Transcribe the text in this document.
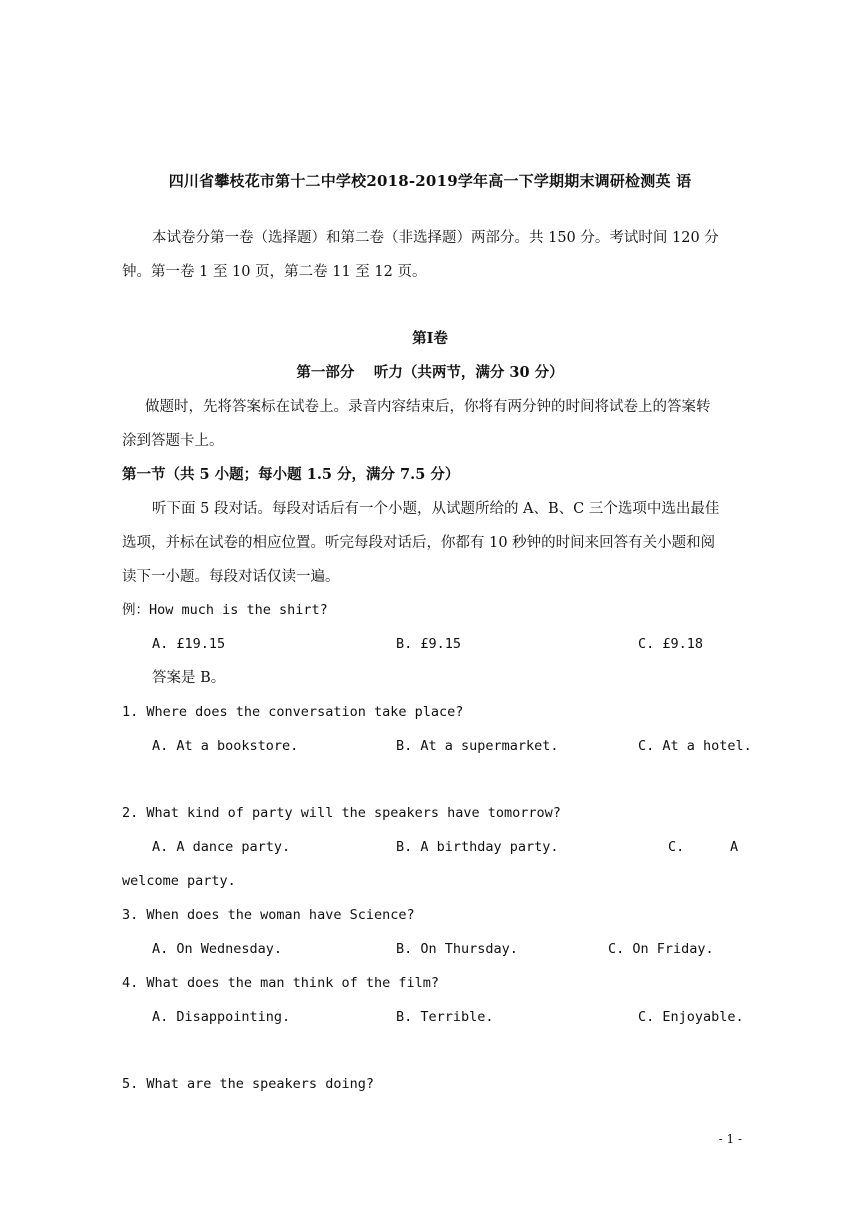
四川省攀枝花市第十二中学校2018-2019学年高一下学期期末调研检测英 语
本试卷分第一卷（选择题）和第二卷（非选择题）两部分。共 150 分。考试时间 120 分
钟。第一卷 1 至 10 页，第二卷 11 至 12 页。
第Ⅰ卷
第一部分　 听力（共两节，满分 30 分）
做题时，先将答案标在试卷上。录音内容结束后，你将有两分钟的时间将试卷上的答案转
涂到答题卡上。
第一节（共 5 小题；每小题 1.5 分，满分 7.5 分）
听下面 5 段对话。每段对话后有一个小题，从试题所给的 A、B、C 三个选项中选出最佳
选项，并标在试卷的相应位置。听完每段对话后，你都有 10 秒钟的时间来回答有关小题和阅
读下一小题。每段对话仅读一遍。
例：How much is the shirt?
A. £19.15	B. £9.15	C. £9.18
答案是 B。
1. Where does the conversation take place?
A. At a bookstore.	B. At a supermarket.	C. At a hotel.
2. What kind of party will the speakers have tomorrow?
A. A dance party.	B. A birthday party.	C.	A
welcome party.
3. When does the woman have Science?
A. On Wednesday.	B. On Thursday.	C. On Friday.
4. What does the man think of the film?
A. Disappointing.	B. Terrible.	C. Enjoyable.
5. What are the speakers doing?
- 1 -
